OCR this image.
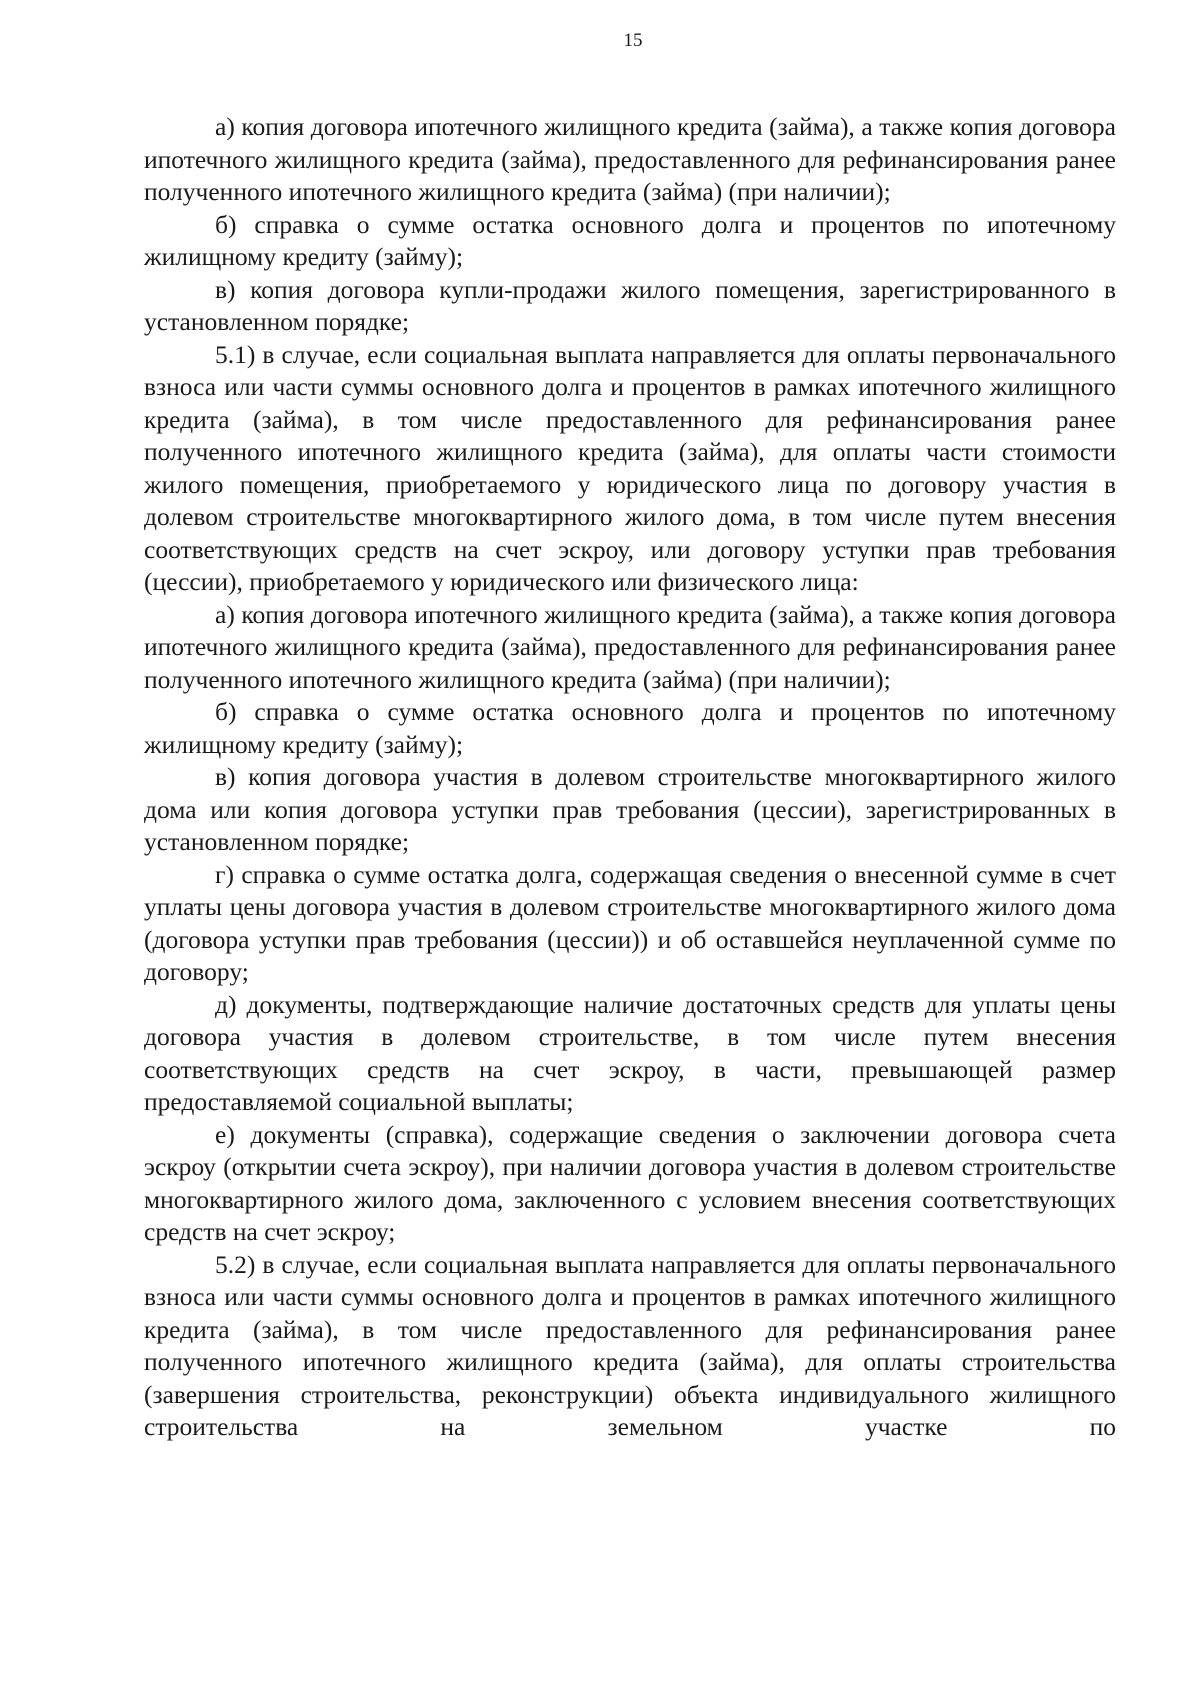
15

а) копия договора ипотечного жилищного кредита (займа), а также копия договора ипотечного жилищного кредита (займа), предоставленного для рефинансирования ранее полученного ипотечного жилищного кредита (займа) (при наличии);

б) справка о сумме остатка основного долга и процентов по ипотечному жилищному кредиту (займу);

в) копия договора купли-продажи жилого помещения, зарегистрированного в установленном порядке;

5.1) в случае, если социальная выплата направляется для оплаты первоначального взноса или части суммы основного долга и процентов в рамках ипотечного жилищного кредита (займа), в том числе предоставленного для рефинансирования ранее полученного ипотечного жилищного кредита (займа), для оплаты части стоимости жилого помещения, приобретаемого у юридического лица по договору участия в долевом строительстве многоквартирного жилого дома, в том числе путем внесения соответствующих средств на счет эскроу, или договору уступки прав требования (цессии), приобретаемого у юридического или физического лица:

а) копия договора ипотечного жилищного кредита (займа), а также копия договора ипотечного жилищного кредита (займа), предоставленного для рефинансирования ранее полученного ипотечного жилищного кредита (займа) (при наличии);

б) справка о сумме остатка основного долга и процентов по ипотечному жилищному кредиту (займу);

в) копия договора участия в долевом строительстве многоквартирного жилого дома или копия договора уступки прав требования (цессии), зарегистрированных в установленном порядке;

г) справка о сумме остатка долга, содержащая сведения о внесенной сумме в счет уплаты цены договора участия в долевом строительстве многоквартирного жилого дома (договора уступки прав требования (цессии)) и об оставшейся неуплаченной сумме по договору;

д) документы, подтверждающие наличие достаточных средств для уплаты цены договора участия в долевом строительстве, в том числе путем внесения соответствующих средств на счет эскроу, в части, превышающей размер предоставляемой социальной выплаты;

е) документы (справка), содержащие сведения о заключении договора счета эскроу (открытии счета эскроу), при наличии договора участия в долевом строительстве многоквартирного жилого дома, заключенного с условием внесения соответствующих средств на счет эскроу;

5.2) в случае, если социальная выплата направляется для оплаты первоначального взноса или части суммы основного долга и процентов в рамках ипотечного жилищного кредита (займа), в том числе предоставленного для рефинансирования ранее полученного ипотечного жилищного кредита (займа), для оплаты строительства (завершения строительства, реконструкции) объекта индивидуального жилищного строительства на земельном участке по
